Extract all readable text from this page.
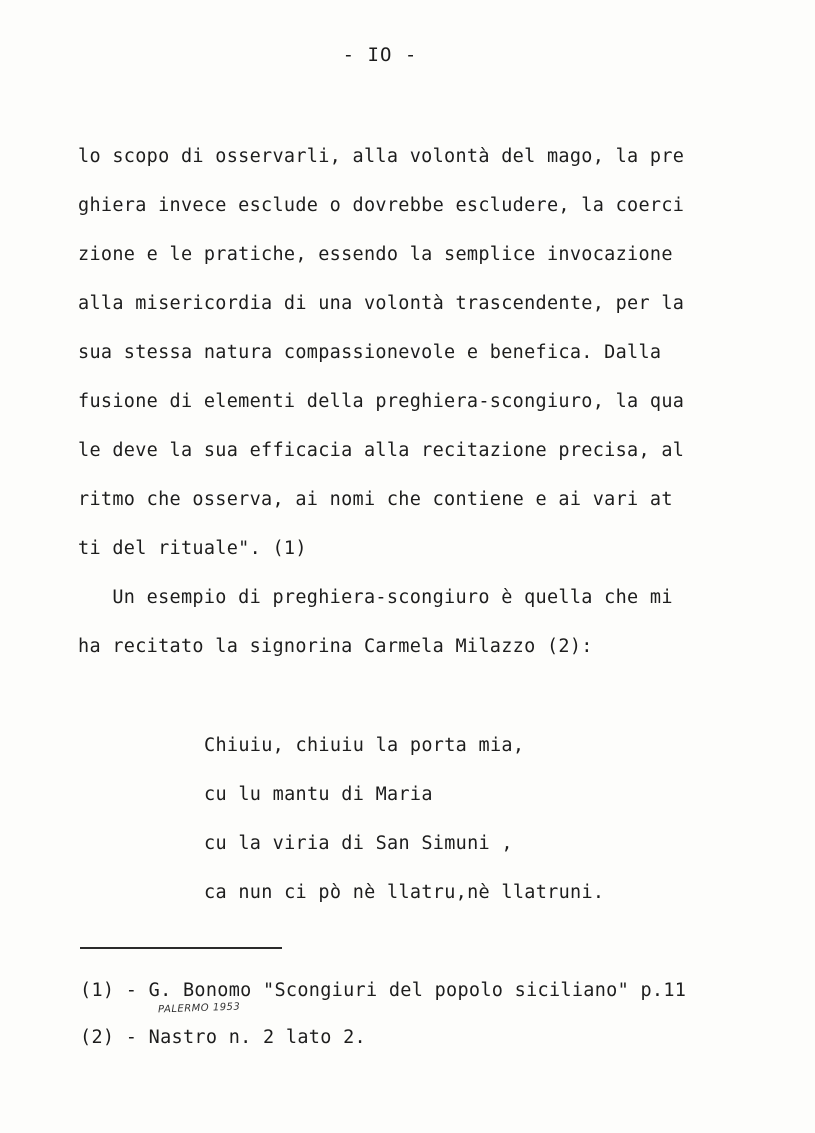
- IO -
lo scopo di osservarli, alla volontà del mago, la pre
ghiera invece esclude o dovrebbe escludere, la coerci
zione e le pratiche, essendo la semplice invocazione
alla misericordia di una volontà trascendente, per la
sua stessa natura compassionevole e benefica. Dalla
fusione di elementi della preghiera-scongiuro, la qua
le deve la sua efficacia alla recitazione precisa, al
ritmo che osserva, ai nomi che contiene e ai vari at
ti del rituale". (1)
Un esempio di preghiera-scongiuro è quella che mi
ha recitato la signorina Carmela Milazzo (2):
Chiuiu, chiuiu la porta mia,
cu lu mantu di Maria
cu la viria di San Simuni ,
ca nun ci pò nè llatru,nè llatruni.
(1) - G. Bonomo "Scongiuri del popolo siciliano" p.11
PALERMO 1953
(2) - Nastro n. 2 lato 2.
